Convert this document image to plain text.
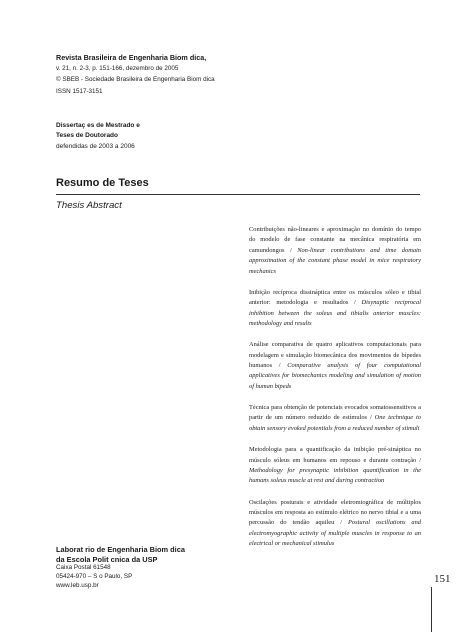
Revista Brasileira de Engenharia Biom dica,
v. 21, n. 2-3, p. 151-166, dezembro de 2005
© SBEB - Sociedade Brasileira de Engenharia Biom dica
ISSN 1517-3151
Dissertaç es de Mestrado e
Teses de Doutorado
defendidas de 2003 a 2006
Resumo de Teses
Thesis Abstract
Contribuições não-lineares e aproximação no domínio do tempo do modelo de fase constante na mecânica respiratória em camundongos / Non-linear contributions and time domain approximation of the constant phase model in mice respiratory mechanics
Inibição recíproca dissináptica entre os músculos sóleo e tibial anterior: metodologia e resultados / Disynaptic reciprocal inhibition between the soleus and tibialis anterior muscles: methodology and results
Análise comparativa de quatro aplicativos computacionais para modelagem e simulação biomecânica dos movimentos de bípedes humanos / Comparative analysis of four computational applicatives for biomechanics modeling and simulation of motion of human bipeds
Técnica para obtenção de potenciais evocados somatossensitivos a partir de um número reduzido de estímulos / One technique to obtain sensory evoked potentials from a reduced number of stimuli
Metodologia para a quantificação da inibição pré-sináptica no músculo sóleus em humanos em repouso e durante contração / Methodology for presynaptic inhibition quantification in the humans soleus muscle at rest and during contraction
Oscilações posturais e atividade eletromiográfica de múltiplos músculos em resposta ao estímulo elétrico no nervo tibial e a uma percussão do tendão aquileu / Postural oscillations and electromyographic activity of multiple muscles in response to an electrical or mechanical stimulus
Laborat rio de Engenharia Biom dica
da Escola Polit cnica da USP
Caixa Postal 61548
05424-970 – S o Paulo, SP
www.leb.usp.br
151
